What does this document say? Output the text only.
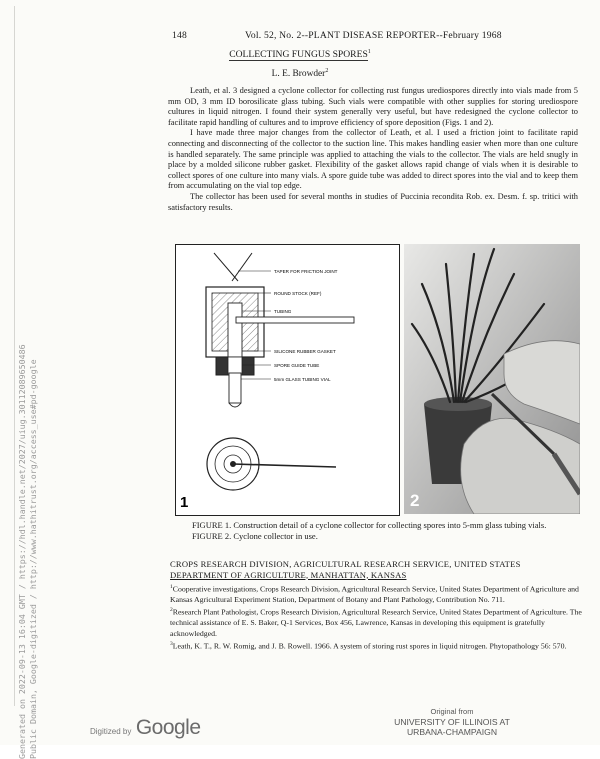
Generated on 2022-09-13 16:04 GMT / https://hdl.handle.net/2027/uiug.30112089650486 Public Domain, Google-digitized / http://www.hathitrust.org/access_use#pd-google
148	Vol. 52, No. 2--PLANT DISEASE REPORTER--February 1968
COLLECTING FUNGUS SPORES$^1$
L. E. Browder$^2$

Leath, et al. 3 designed a cyclone collector for collecting rust fungus urediospores directly into vials made from 5 mm OD, 3 mm ID borosilicate glass tubing. Such vials were compatible with other supplies for storing urediospore cultures in liquid nitrogen. I found their system generally very useful, but have redesigned the cyclone collector to facilitate rapid handling of cultures and to improve efficiency of spore deposition (Figs. 1 and 2).

I have made three major changes from the collector of Leath, et al. I used a friction joint to facilitate rapid connecting and disconnecting of the collector to the suction line. This makes handling easier when more than one culture is handled separately. The same principle was applied to attaching the vials to the collector. The vials are held snugly in place by a molded silicone rubber gasket. Flexibility of the gasket allows rapid change of vials when it is desirable to collect spores of one culture into many vials. A spore guide tube was added to direct spores into the vial and to keep them from accumulating on the vial top edge.

The collector has been used for several months in studies of Puccinia recondita Rob. ex. Desm. f. sp. tritici with satisfactory results.

TAPER FOR FRICTION JOINT
ROUND STOCK (REF)
TUBING
SILICONE RUBBER GASKET
SPORE GUIDE TUBE
5mm GLASS TUBING VIAL
1	2
FIGURE 1. Construction detail of a cyclone collector for collecting spores into 5-mm glass tubing vials.
FIGURE 2. Cyclone collector in use.
CROPS RESEARCH DIVISION, AGRICULTURAL RESEARCH SERVICE, UNITED STATES
DEPARTMENT OF AGRICULTURE, MANHATTAN, KANSAS
$^1$Cooperative investigations, Crops Research Division, Agricultural Research Service, United States Department of Agriculture and Kansas Agricultural Experiment Station, Department of Botany and Plant Pathology, Contribution No. 711.
$^2$Research Plant Pathologist, Crops Research Division, Agricultural Research Service, United States Department of Agriculture. The technical assistance of E. S. Baker, Q-1 Services, Box 456, Lawrence, Kansas in developing this equipment is gratefully acknowledged.
$^3$Leath, K. T., R. W. Romig, and J. B. Rowell. 1966. A system of storing rust spores in liquid nitrogen. Phytopathology 56: 570.
Digitized by Google
Original from
UNIVERSITY OF ILLINOIS AT
URBANA-CHAMPAIGN
